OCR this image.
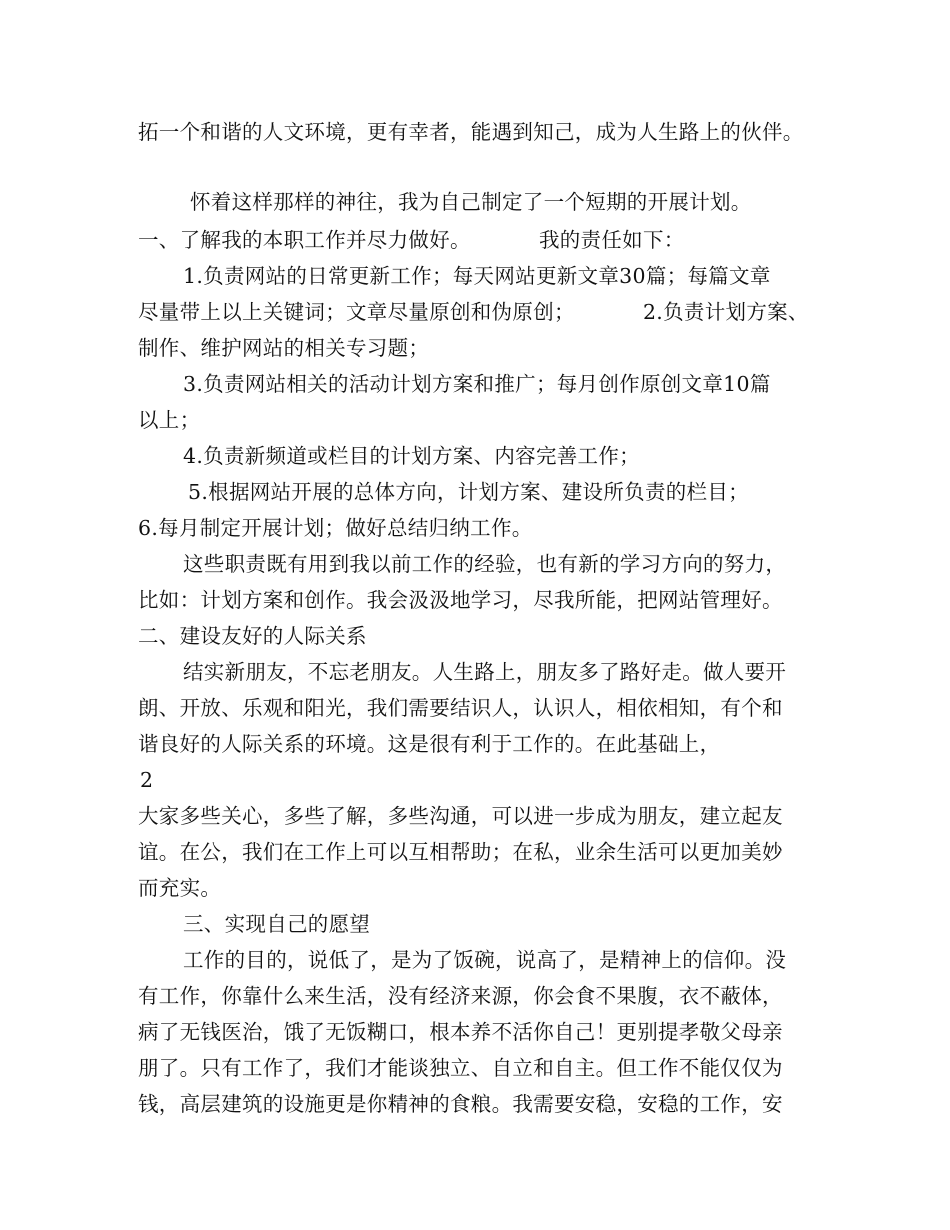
拓一个和谐的人文环境，更有幸者，能遇到知己，成为人生路上的伙伴。
怀着这样那样的神往，我为自己制定了一个短期的开展计划。
一、了解我的本职工作并尽力做好。          我的责任如下：
1.负责网站的日常更新工作；每天网站更新文章30篇；每篇文章
尽量带上以上关键词；文章尽量原创和伪原创；          2.负责计划方案、
制作、维护网站的相关专习题；
3.负责网站相关的活动计划方案和推广；每月创作原创文章10篇
以上；
4.负责新频道或栏目的计划方案、内容完善工作；
5.根据网站开展的总体方向，计划方案、建设所负责的栏目；
6.每月制定开展计划；做好总结归纳工作。
这些职责既有用到我以前工作的经验，也有新的学习方向的努力，
比如：计划方案和创作。我会汲汲地学习，尽我所能，把网站管理好。
二、建设友好的人际关系
结实新朋友，不忘老朋友。人生路上，朋友多了路好走。做人要开
朗、开放、乐观和阳光，我们需要结识人，认识人，相依相知，有个和
谐良好的人际关系的环境。这是很有利于工作的。在此基础上，
2
大家多些关心，多些了解，多些沟通，可以进一步成为朋友，建立起友
谊。在公，我们在工作上可以互相帮助；在私，业余生活可以更加美妙
而充实。
三、实现自己的愿望
工作的目的，说低了，是为了饭碗，说高了，是精神上的信仰。没
有工作，你靠什么来生活，没有经济来源，你会食不果腹，衣不蔽体，
病了无钱医治，饿了无饭糊口，根本养不活你自己！更别提孝敬父母亲
朋了。只有工作了，我们才能谈独立、自立和自主。但工作不能仅仅为
钱，高层建筑的设施更是你精神的食粮。我需要安稳，安稳的工作，安
